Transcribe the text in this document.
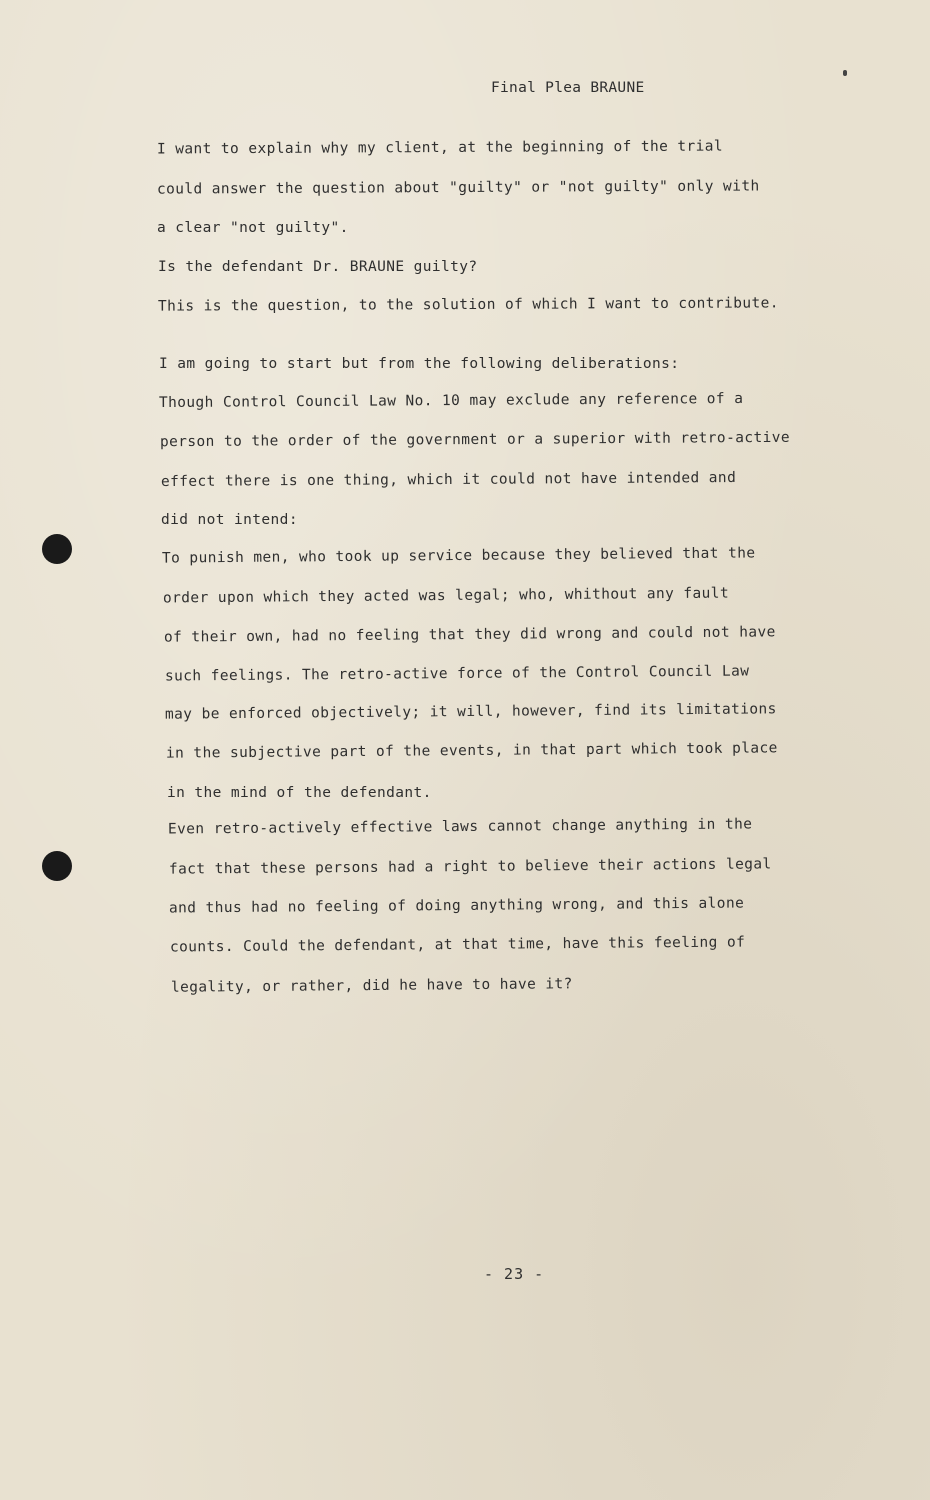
Final Plea BRAUNE
I want to explain why my client, at the beginning of the trial
could answer the question about "guilty" or "not guilty" only with
a clear "not guilty".
Is the defendant Dr. BRAUNE guilty?
This is the question, to the solution of which I want to contribute.
I am going to start but from the following deliberations:
Though Control Council Law No. 10 may exclude any reference of a
person to the order of the government or a superior with retro-active
effect there is one thing, which it could not have intended and
did not intend:
To punish men, who took up service because they believed that the
order upon which they acted was legal; who, whithout any fault
of their own, had no feeling that they did wrong and could not have
such feelings. The retro-active force of the Control Council Law
may be enforced objectively; it will, however, find its limitations
in the subjective part of the events, in that part which took place
in the mind of the defendant.
Even retro-actively effective laws cannot change anything in the
fact that these persons had a right to believe their actions legal
and thus had no feeling of doing anything wrong, and this alone
counts. Could the defendant, at that time, have this feeling of
legality, or rather, did he have to have it?
- 23 -
